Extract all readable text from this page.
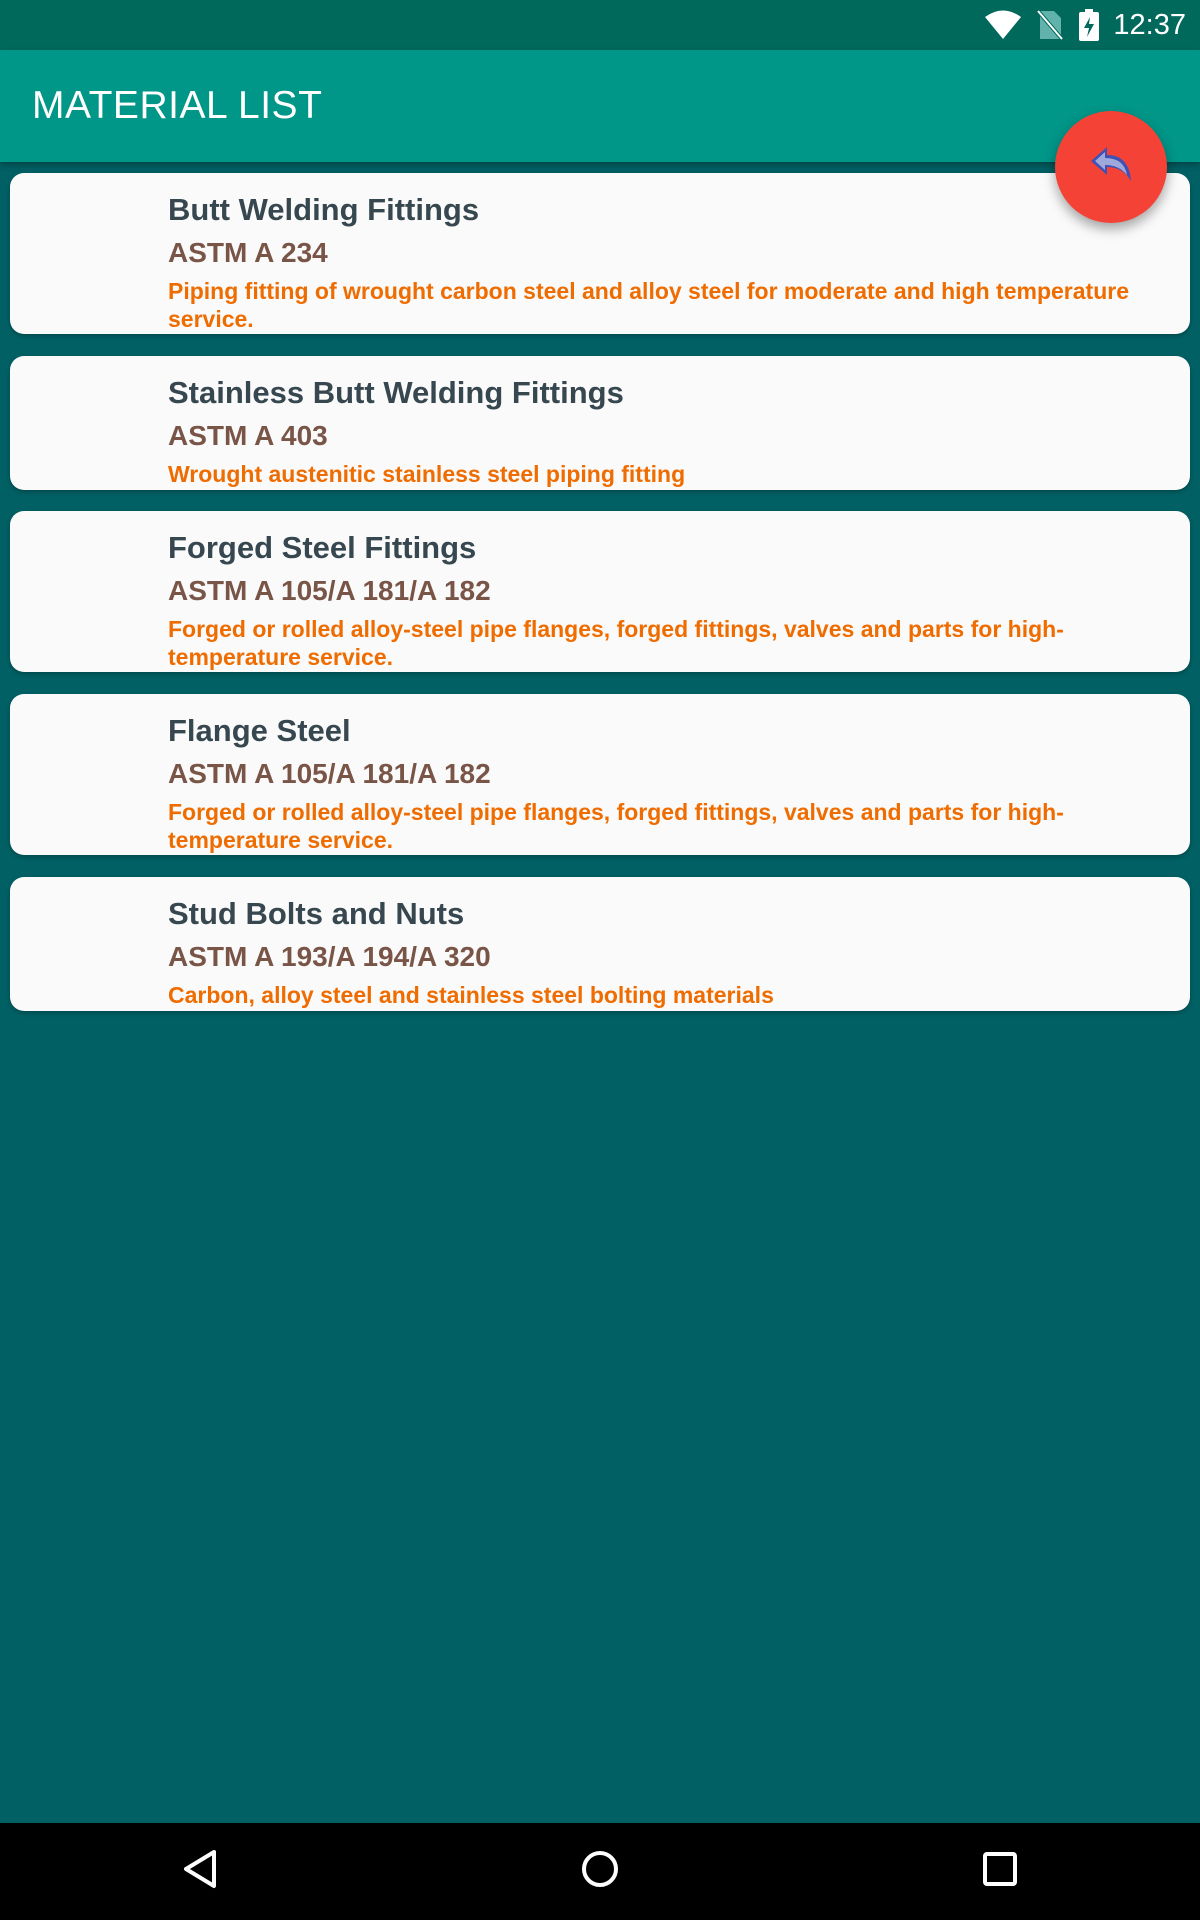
12:37
MATERIAL LIST
Butt Welding Fittings
ASTM A 234
Piping fitting of wrought carbon steel and alloy steel for moderate and high temperature service.
Stainless Butt Welding Fittings
ASTM A 403
Wrought austenitic stainless steel piping fitting
Forged Steel Fittings
ASTM A 105/A 181/A 182
Forged or rolled alloy-steel pipe flanges, forged fittings, valves and parts for high-temperature service.
Flange Steel
ASTM A 105/A 181/A 182
Forged or rolled alloy-steel pipe flanges, forged fittings, valves and parts for high-temperature service.
Stud Bolts and Nuts
ASTM A 193/A 194/A 320
Carbon, alloy steel and stainless steel bolting materials
